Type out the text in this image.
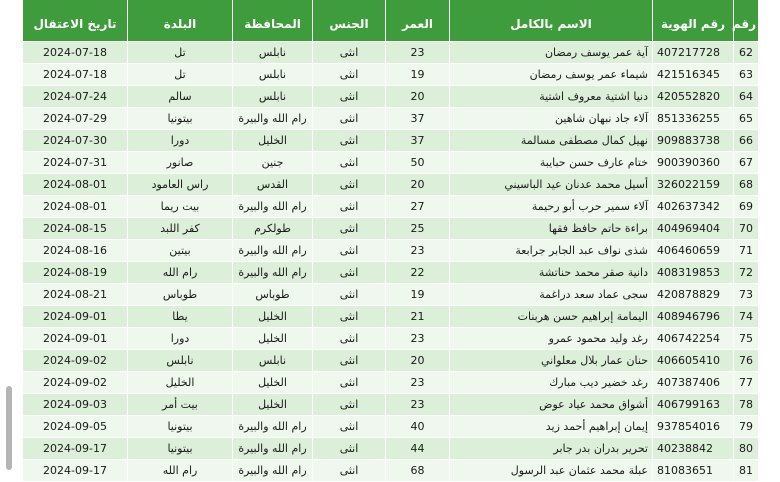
رقم	رقم الهوية	الاسم بالكامل	العمر	الجنس	المحافظة	البلدة	تاريخ الاعتقال
62	407217728	آية عمر يوسف رمضان	23	انثى	نابلس	تل	2024-07-18
63	421516345	شيماء عمر يوسف رمضان	19	انثى	نابلس	تل	2024-07-18
64	420552820	دنيا اشتية معروف اشتية	20	انثى	نابلس	سالم	2024-07-24
65	851336255	آلاء جاد نبهان شاهين	37	انثى	رام الله والبيرة	بيتونيا	2024-07-29
66	909883738	نهيل كمال مصطفى مسالمة	37	انثى	الخليل	دورا	2024-07-30
67	900390360	ختام عارف حسن حبايبة	50	انثى	جنين	صانور	2024-07-31
68	326022159	أسيل محمد عدنان عيد الباسيني	20	انثى	القدس	راس العامود	2024-08-01
69	402637342	آلاء سمير حرب أبو رحيمة	27	انثى	رام الله والبيرة	بيت ريما	2024-08-01
70	404969404	براءة حاتم حافظ فقها	25	انثى	طولكرم	كفر اللبد	2024-08-15
71	406460659	شذى نواف عبد الجابر جرابعة	23	انثى	رام الله والبيرة	بيتين	2024-08-16
72	408319853	دانية صقر محمد حناتشة	22	انثى	رام الله والبيرة	رام الله	2024-08-19
73	420878829	سجى عماد سعد دراغمة	19	انثى	طوباس	طوباس	2024-08-21
74	408946796	اليمامة إبراهيم حسن هربنات	21	انثى	الخليل	يطا	2024-09-01
75	406742254	رغد وليد محمود عمرو	23	انثى	الخليل	دورا	2024-09-01
76	406605410	حنان عمار بلال معلواني	20	انثى	نابلس	نابلس	2024-09-02
77	407387406	رغد خضير ديب مبارك	23	انثى	الخليل	الخليل	2024-09-02
78	406799163	أشواق محمد عياد عوض	23	انثى	الخليل	بيت أمر	2024-09-03
79	937854016	إيمان إبراهيم أحمد زيد	40	انثى	رام الله والبيرة	بيتونيا	2024-09-05
80	40238842	تحرير بدران بدر جابر	44	انثى	رام الله والبيرة	بيتونيا	2024-09-17
81	81083651	عبلة محمد عثمان عبد الرسول	68	انثى	رام الله والبيرة	رام الله	2024-09-17
